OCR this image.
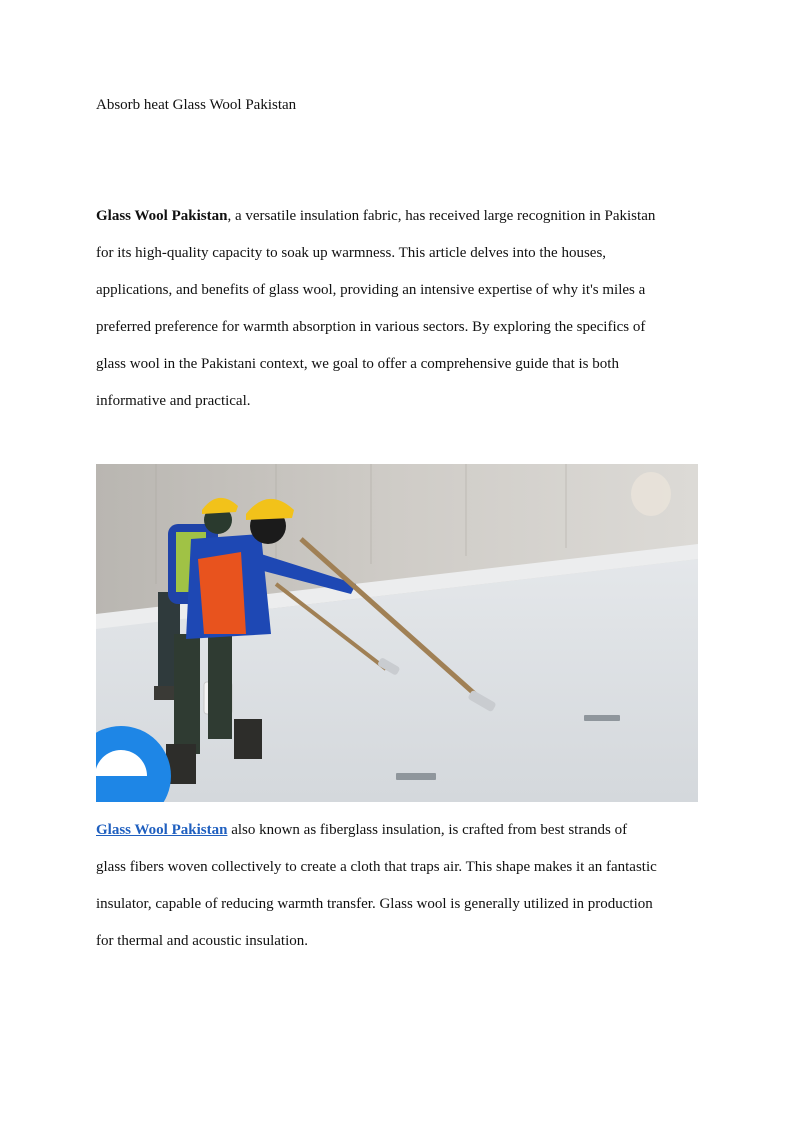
Absorb heat Glass Wool Pakistan
Glass Wool Pakistan, a versatile insulation fabric, has received large recognition in Pakistan
for its high-quality capacity to soak up warmness. This article delves into the houses,
applications, and benefits of glass wool, providing an intensive expertise of why it's miles a
preferred preference for warmth absorption in various sectors. By exploring the specifics of
glass wool in the Pakistani context, we goal to offer a comprehensive guide that is both
informative and practical.
Glass Wool Pakistan also known as fiberglass insulation, is crafted from best strands of
glass fibers woven collectively to create a cloth that traps air. This shape makes it an fantastic
insulator, capable of reducing warmth transfer. Glass wool is generally utilized in production
for thermal and acoustic insulation.
